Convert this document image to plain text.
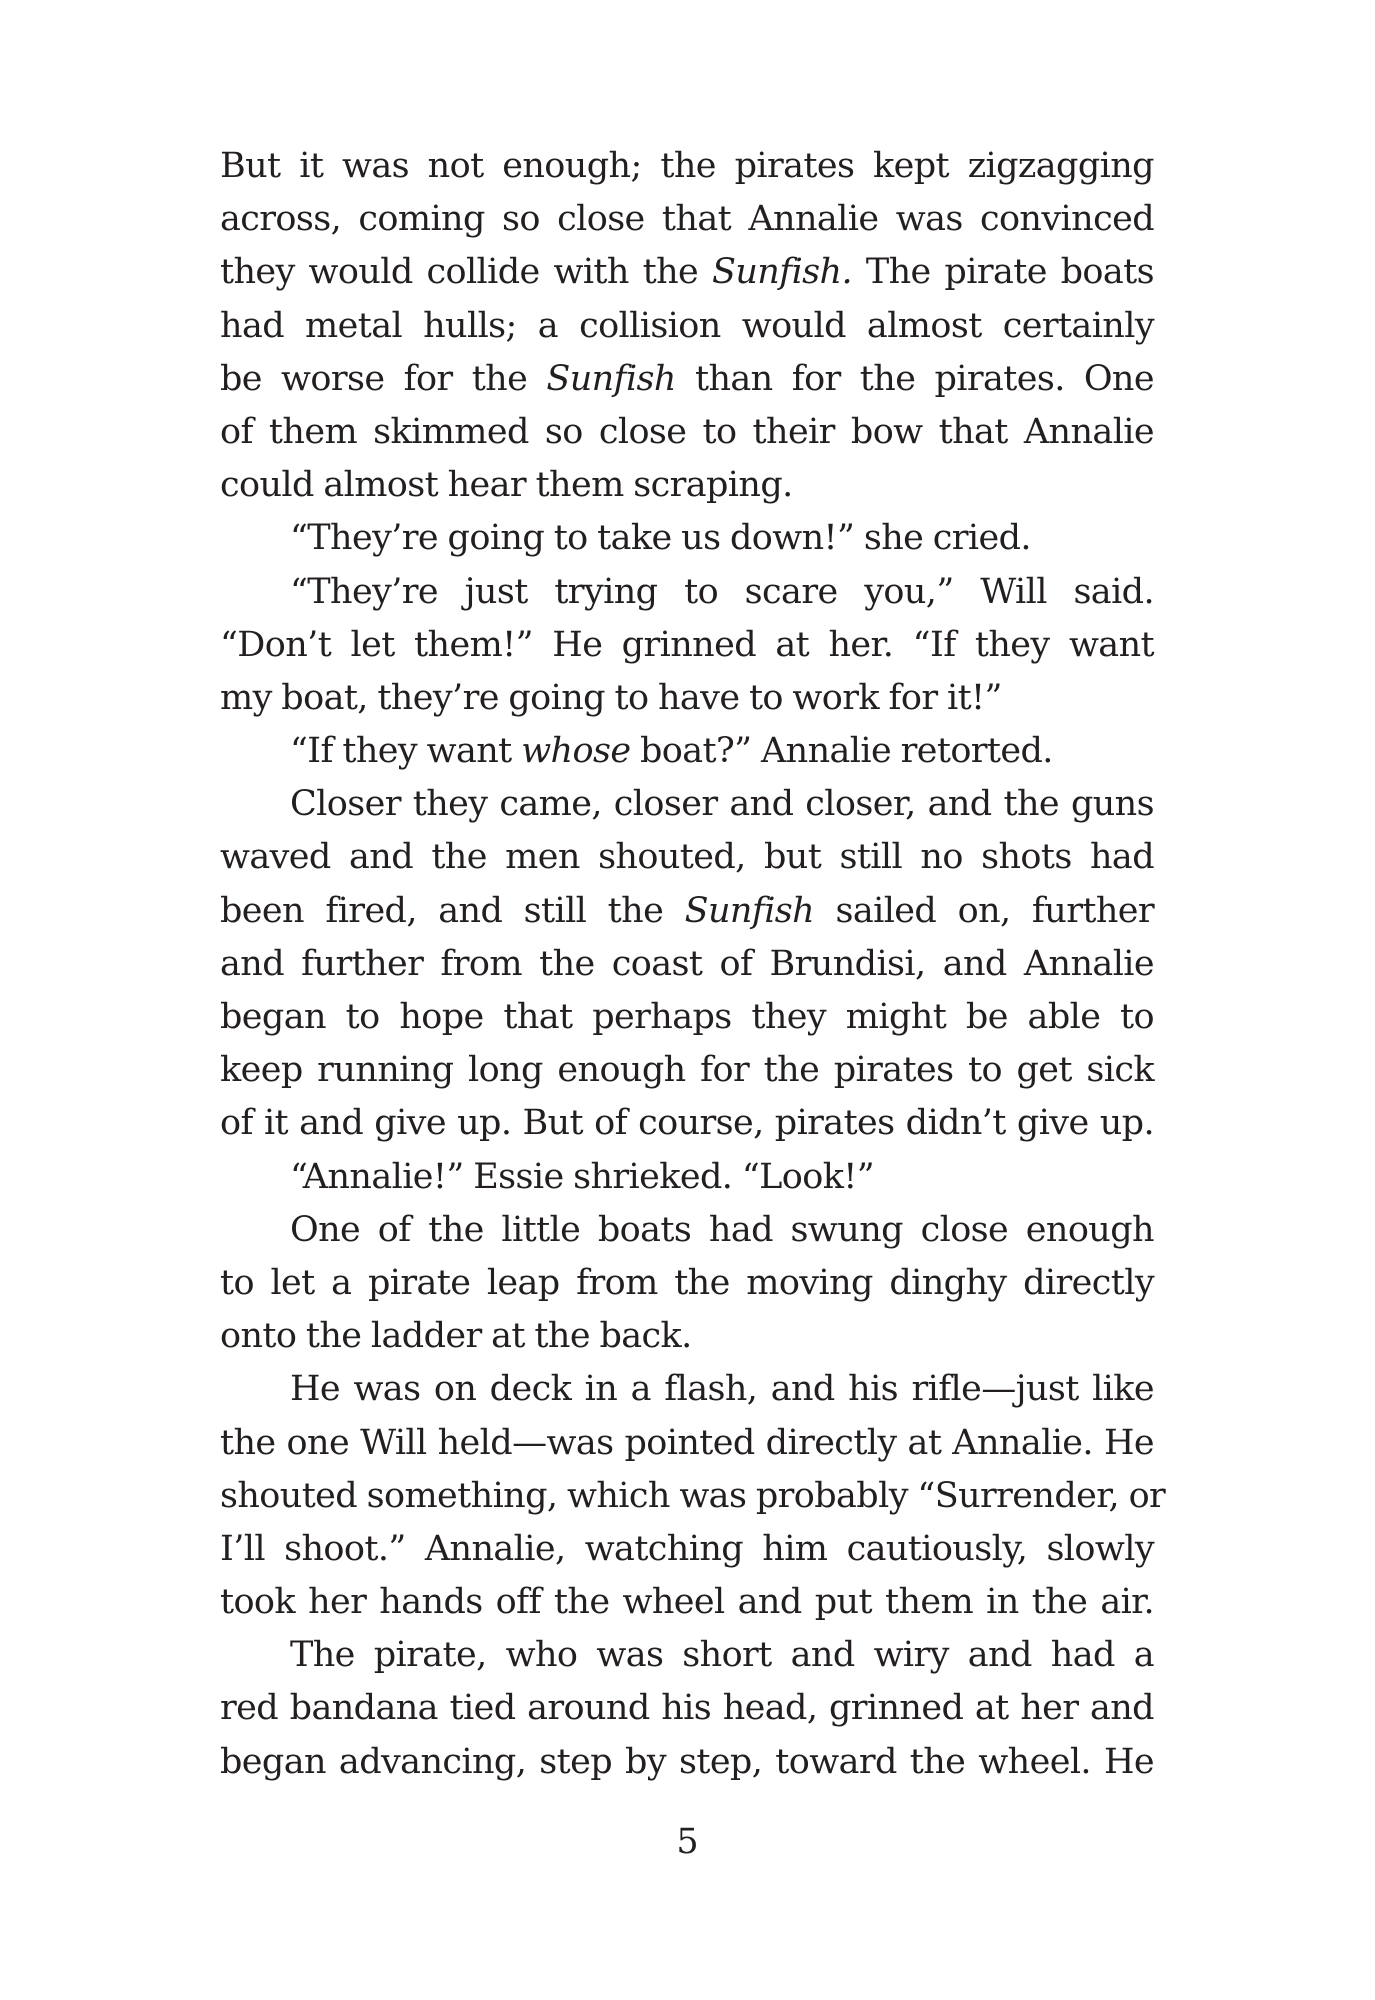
But it was not enough; the pirates kept zigzagging
across, coming so close that Annalie was convinced
they would collide with the Sunfish. The pirate boats
had metal hulls; a collision would almost certainly
be worse for the Sunfish than for the pirates. One
of them skimmed so close to their bow that Annalie
could almost hear them scraping.
“They’re going to take us down!” she cried.
“They’re just trying to scare you,” Will said.
“Don’t let them!” He grinned at her. “If they want
my boat, they’re going to have to work for it!”
“If they want whose boat?” Annalie retorted.
Closer they came, closer and closer, and the guns
waved and the men shouted, but still no shots had
been fired, and still the Sunfish sailed on, further
and further from the coast of Brundisi, and Annalie
began to hope that perhaps they might be able to
keep running long enough for the pirates to get sick
of it and give up. But of course, pirates didn’t give up.
“Annalie!” Essie shrieked. “Look!”
One of the little boats had swung close enough
to let a pirate leap from the moving dinghy directly
onto the ladder at the back.
He was on deck in a flash, and his rifle—just like
the one Will held—was pointed directly at Annalie. He
shouted something, which was probably “Surrender, or
I’ll shoot.” Annalie, watching him cautiously, slowly
took her hands off the wheel and put them in the air.
The pirate, who was short and wiry and had a
red bandana tied around his head, grinned at her and
began advancing, step by step, toward the wheel. He
5
